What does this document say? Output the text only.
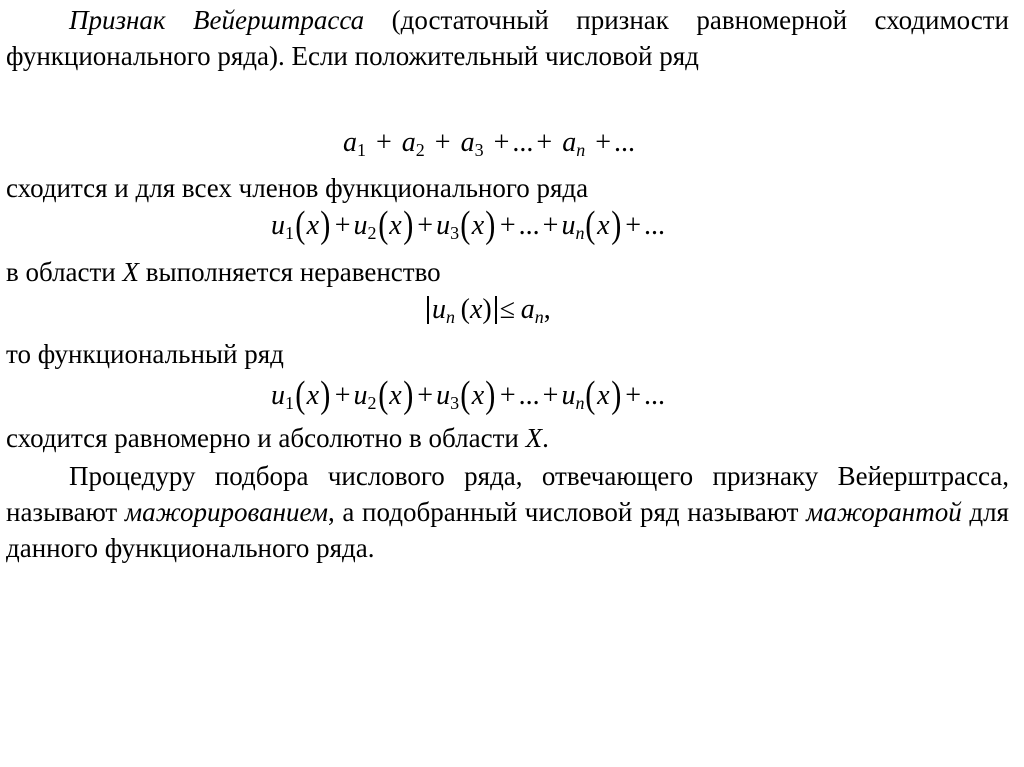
Признак Вейерштрасса (достаточный признак равномерной сходимости функционального ряда). Если положительный числовой ряд

$a_1 + a_2 + a_3$ + ... + an + ...

сходится и для всех членов функционального ряда

$u_1(x) + u_2(x) + u_3(x)$ + ... + un(x) + ...

в области X выполняется неравенство

un (x) ≤  an,

то функциональный ряд

$u_1(x) + u_2(x) + u_3(x)$ + ... + un(x) + ...

сходится равномерно и абсолютно в области X.

Процедуру подбора числового ряда, отвечающего признаку Вейерштрасса, называют мажорированием, а подобранный числовой ряд называют мажорантой для данного функционального ряда.
